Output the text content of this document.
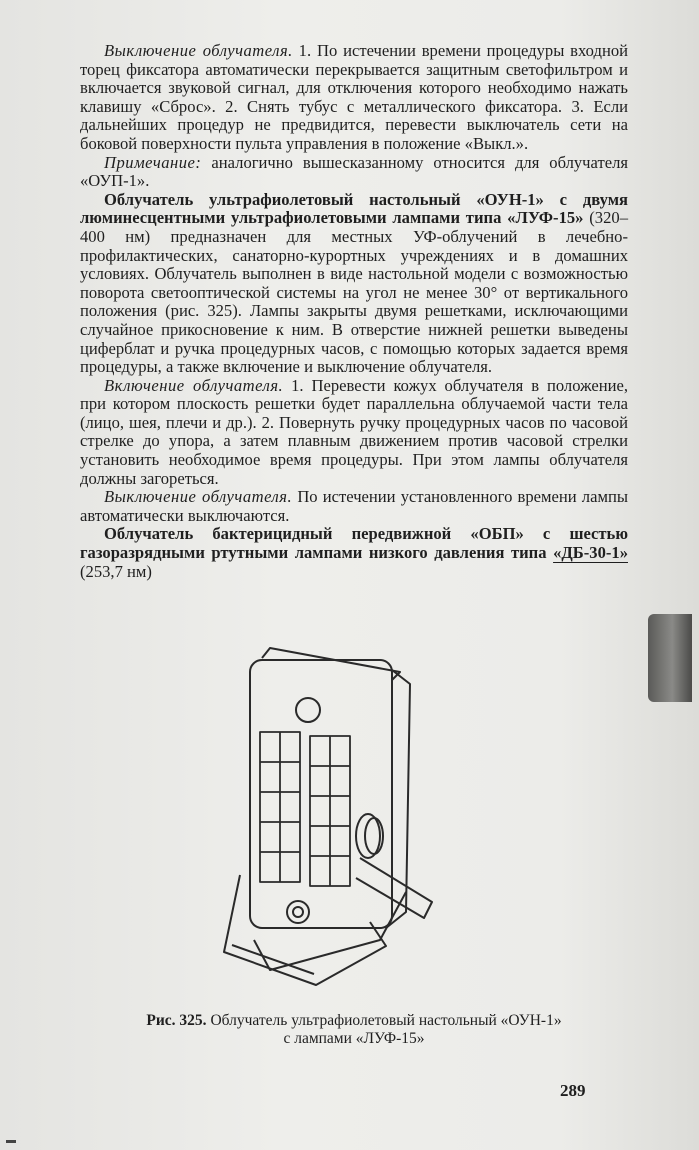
Выключение облучателя. 1. По истечении времени процедуры входной торец фиксатора автоматически перекрывается защитным светофильтром и включается звуковой сигнал, для отключения которого необходимо нажать клавишу «Сброс». 2. Снять тубус с металлического фиксатора. 3. Если дальнейших процедур не предвидится, перевести выключатель сети на боковой поверхности пульта управления в положение «Выкл.».

Примечание: аналогично вышесказанному относится для облучателя «ОУП-1».

Облучатель ультрафиолетовый настольный «ОУН-1» с двумя люминесцентными ультрафиолетовыми лампами типа «ЛУФ-15» (320–400 нм) предназначен для местных УФ-облучений в лечебно-профилактических, санаторно-курортных учреждениях и в домашних условиях. Облучатель выполнен в виде настольной модели с возможностью поворота светооптической системы на угол не менее 30° от вертикального положения (рис. 325). Лампы закрыты двумя решетками, исключающими случайное прикосновение к ним. В отверстие нижней решетки выведены циферблат и ручка процедурных часов, с помощью которых задается время процедуры, а также включение и выключение облучателя.

Включение облучателя. 1. Перевести кожух облучателя в положение, при котором плоскость решетки будет параллельна облучаемой части тела (лицо, шея, плечи и др.). 2. Повернуть ручку процедурных часов по часовой стрелке до упора, а затем плавным движением против часовой стрелки установить необходимое время процедуры. При этом лампы облучателя должны загореться.

Выключение облучателя. По истечении установленного времени лампы автоматически выключаются.

Облучатель бактерицидный передвижной «ОБП» с шестью газоразрядными ртутными лампами низкого давления типа «ДБ-30-1» (253,7 нм)

Рис. 325. Облучатель ультрафиолетовый настольный «ОУН-1»
с лампами «ЛУФ-15»
289
